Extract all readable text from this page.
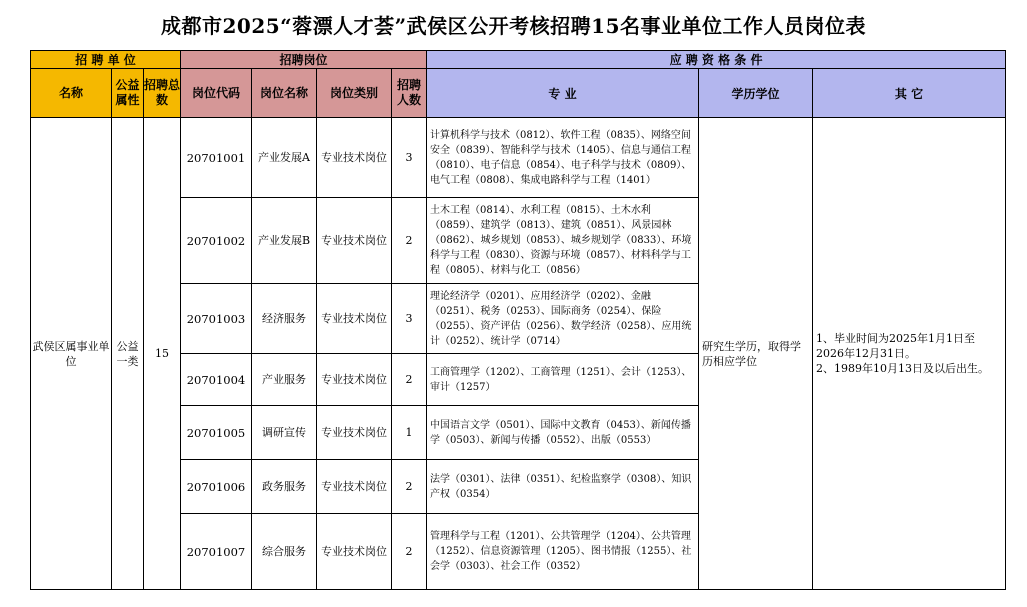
成都市2025“蓉漂人才荟”武侯区公开考核招聘15名事业单位工作人员岗位表
招 聘 单 位			招聘岗位				应 聘 资 格 条 件		
名称	公益属性	招聘总数	岗位代码	岗位名称	岗位类别	招聘人数	专 业	学历学位	其 它
武侯区属事业单位	公益一类	15	20701001	产业发展A	专业技术岗位	3	计算机科学与技术（0812）、软件工程（0835）、网络空间安全（0839）、智能科学与技术（1405）、信息与通信工程（0810）、电子信息（0854）、电子科学与技术（0809）、电气工程（0808）、集成电路科学与工程（1401）	研究生学历，取得学历相应学位	1、毕业时间为2025年1月1日至2026年12月31日。
2、1989年10月13日及以后出生。

			20701002	产业发展B	专业技术岗位	2	土木工程（0814）、水利工程（0815）、土木水利（0859）、建筑学（0813）、建筑（0851）、风景园林（0862）、城乡规划（0853）、城乡规划学（0833）、环境科学与工程（0830）、资源与环境（0857）、材料科学与工程（0805）、材料与化工（0856）		
			20701003	经济服务	专业技术岗位	3	理论经济学（0201）、应用经济学（0202）、金融（0251）、税务（0253）、国际商务（0254）、保险（0255）、资产评估（0256）、数学经济（0258）、应用统计（0252）、统计学（0714）		
			20701004	产业服务	专业技术岗位	2	工商管理学（1202）、工商管理（1251）、会计（1253）、审计（1257）		
			20701005	调研宣传	专业技术岗位	1	中国语言文学（0501）、国际中文教育（0453）、新闻传播学（0503）、新闻与传播（0552）、出版（0553）		
			20701006	政务服务	专业技术岗位	2	法学（0301）、法律（0351）、纪检监察学（0308）、知识产权（0354）		
			20701007	综合服务	专业技术岗位	2	管理科学与工程（1201）、公共管理学（1204）、公共管理（1252）、信息资源管理（1205）、图书情报（1255）、社会学（0303）、社会工作（0352）		
